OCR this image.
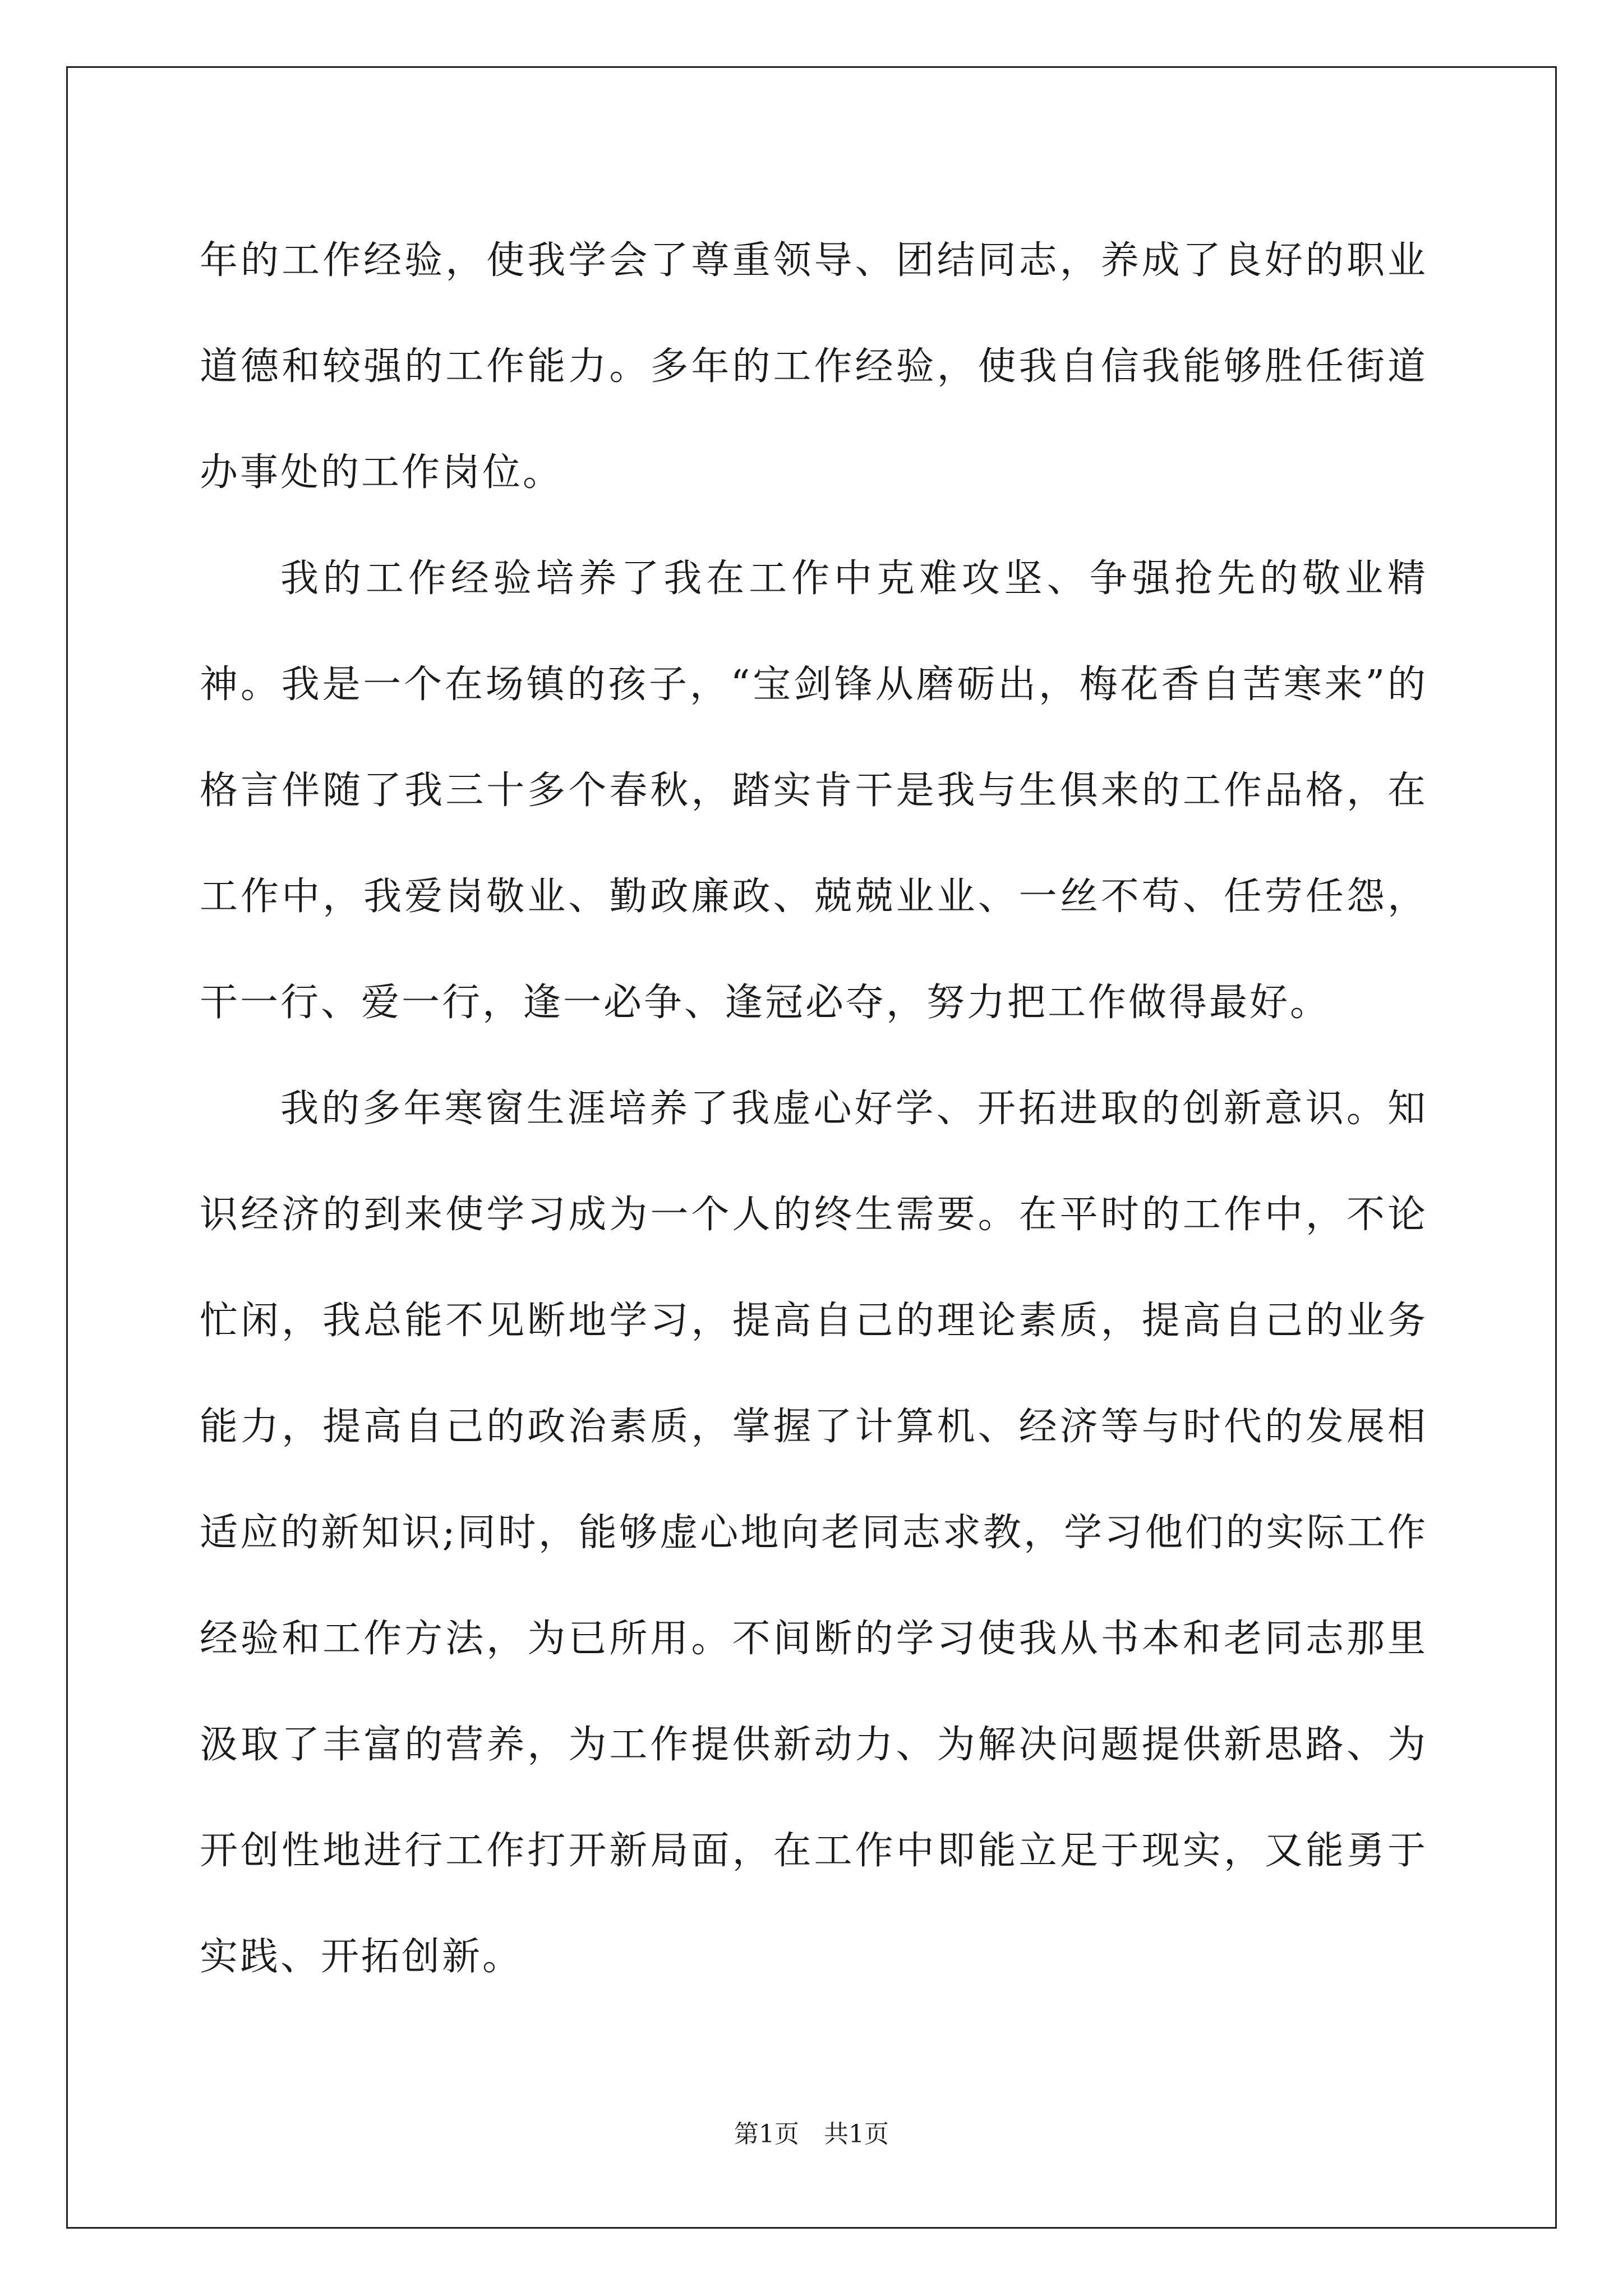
年的工作经验，使我学会了尊重领导、团结同志，养成了良好的职业道德和较强的工作能力。多年的工作经验，使我自信我能够胜任街道办事处的工作岗位。

我的工作经验培养了我在工作中克难攻坚、争强抢先的敬业精神。我是一个在场镇的孩子，“宝剑锋从磨砺出，梅花香自苦寒来”的格言伴随了我三十多个春秋，踏实肯干是我与生俱来的工作品格，在工作中，我爱岗敬业、勤政廉政、兢兢业业、一丝不苟、任劳任怨，干一行、爱一行，逢一必争、逢冠必夺，努力把工作做得最好。

我的多年寒窗生涯培养了我虚心好学、开拓进取的创新意识。知识经济的到来使学习成为一个人的终生需要。在平时的工作中，不论忙闲，我总能不见断地学习，提高自己的理论素质，提高自己的业务能力，提高自己的政治素质，掌握了计算机、经济等与时代的发展相适应的新知识;同时，能够虚心地向老同志求教，学习他们的实际工作经验和工作方法，为已所用。不间断的学习使我从书本和老同志那里汲取了丰富的营养，为工作提供新动力、为解决问题提供新思路、为开创性地进行工作打开新局面，在工作中即能立足于现实，又能勇于实践、开拓创新。

第1页　共1页
